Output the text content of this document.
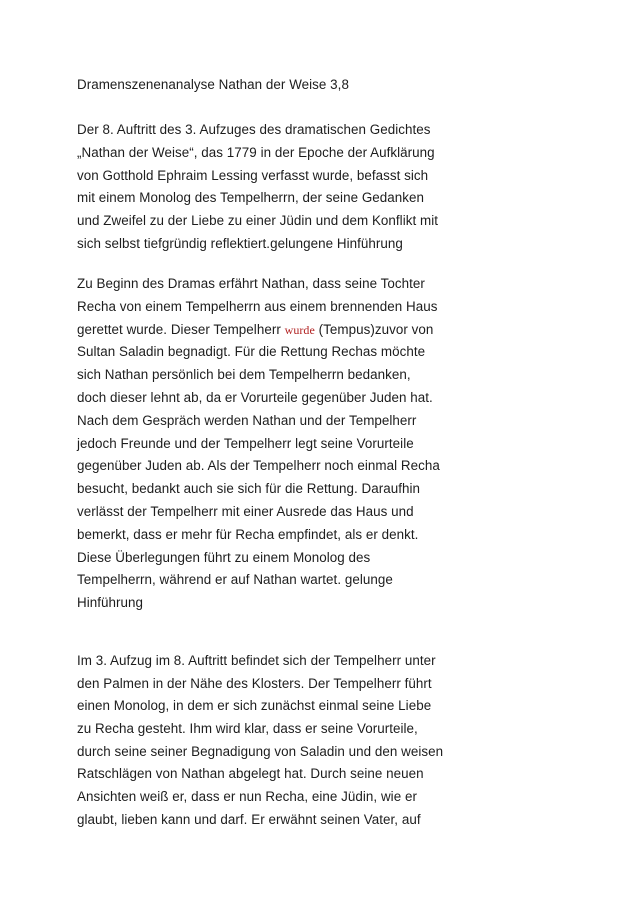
Dramenszenenanalyse Nathan der Weise 3,8
Der 8. Auftritt des 3. Aufzuges des dramatischen Gedichtes
„Nathan der Weise“, das 1779 in der Epoche der Aufklärung
von Gotthold Ephraim Lessing verfasst wurde, befasst sich
mit einem Monolog des Tempelherrn, der seine Gedanken
und Zweifel zu der Liebe zu einer Jüdin und dem Konflikt mit
sich selbst tiefgründig reflektiert.gelungene Hinführung
Zu Beginn des Dramas erfährt Nathan, dass seine Tochter
Recha von einem Tempelherrn aus einem brennenden Haus
gerettet wurde. Dieser Tempelherr wurde (Tempus)zuvor von
Sultan Saladin begnadigt. Für die Rettung Rechas möchte
sich Nathan persönlich bei dem Tempelherrn bedanken,
doch dieser lehnt ab, da er Vorurteile gegenüber Juden hat.
Nach dem Gespräch werden Nathan und der Tempelherr
jedoch Freunde und der Tempelherr legt seine Vorurteile
gegenüber Juden ab. Als der Tempelherr noch einmal Recha
besucht, bedankt auch sie sich für die Rettung. Daraufhin
verlässt der Tempelherr mit einer Ausrede das Haus und
bemerkt, dass er mehr für Recha empfindet, als er denkt.
Diese Überlegungen führt zu einem Monolog des
Tempelherrn, während er auf Nathan wartet. gelunge
Hinführung
Im 3. Aufzug im 8. Auftritt befindet sich der Tempelherr unter
den Palmen in der Nähe des Klosters. Der Tempelherr führt
einen Monolog, in dem er sich zunächst einmal seine Liebe
zu Recha gesteht. Ihm wird klar, dass er seine Vorurteile,
durch seine seiner Begnadigung von Saladin und den weisen
Ratschlägen von Nathan abgelegt hat. Durch seine neuen
Ansichten weiß er, dass er nun Recha, eine Jüdin, wie er
glaubt, lieben kann und darf. Er erwähnt seinen Vater, auf
